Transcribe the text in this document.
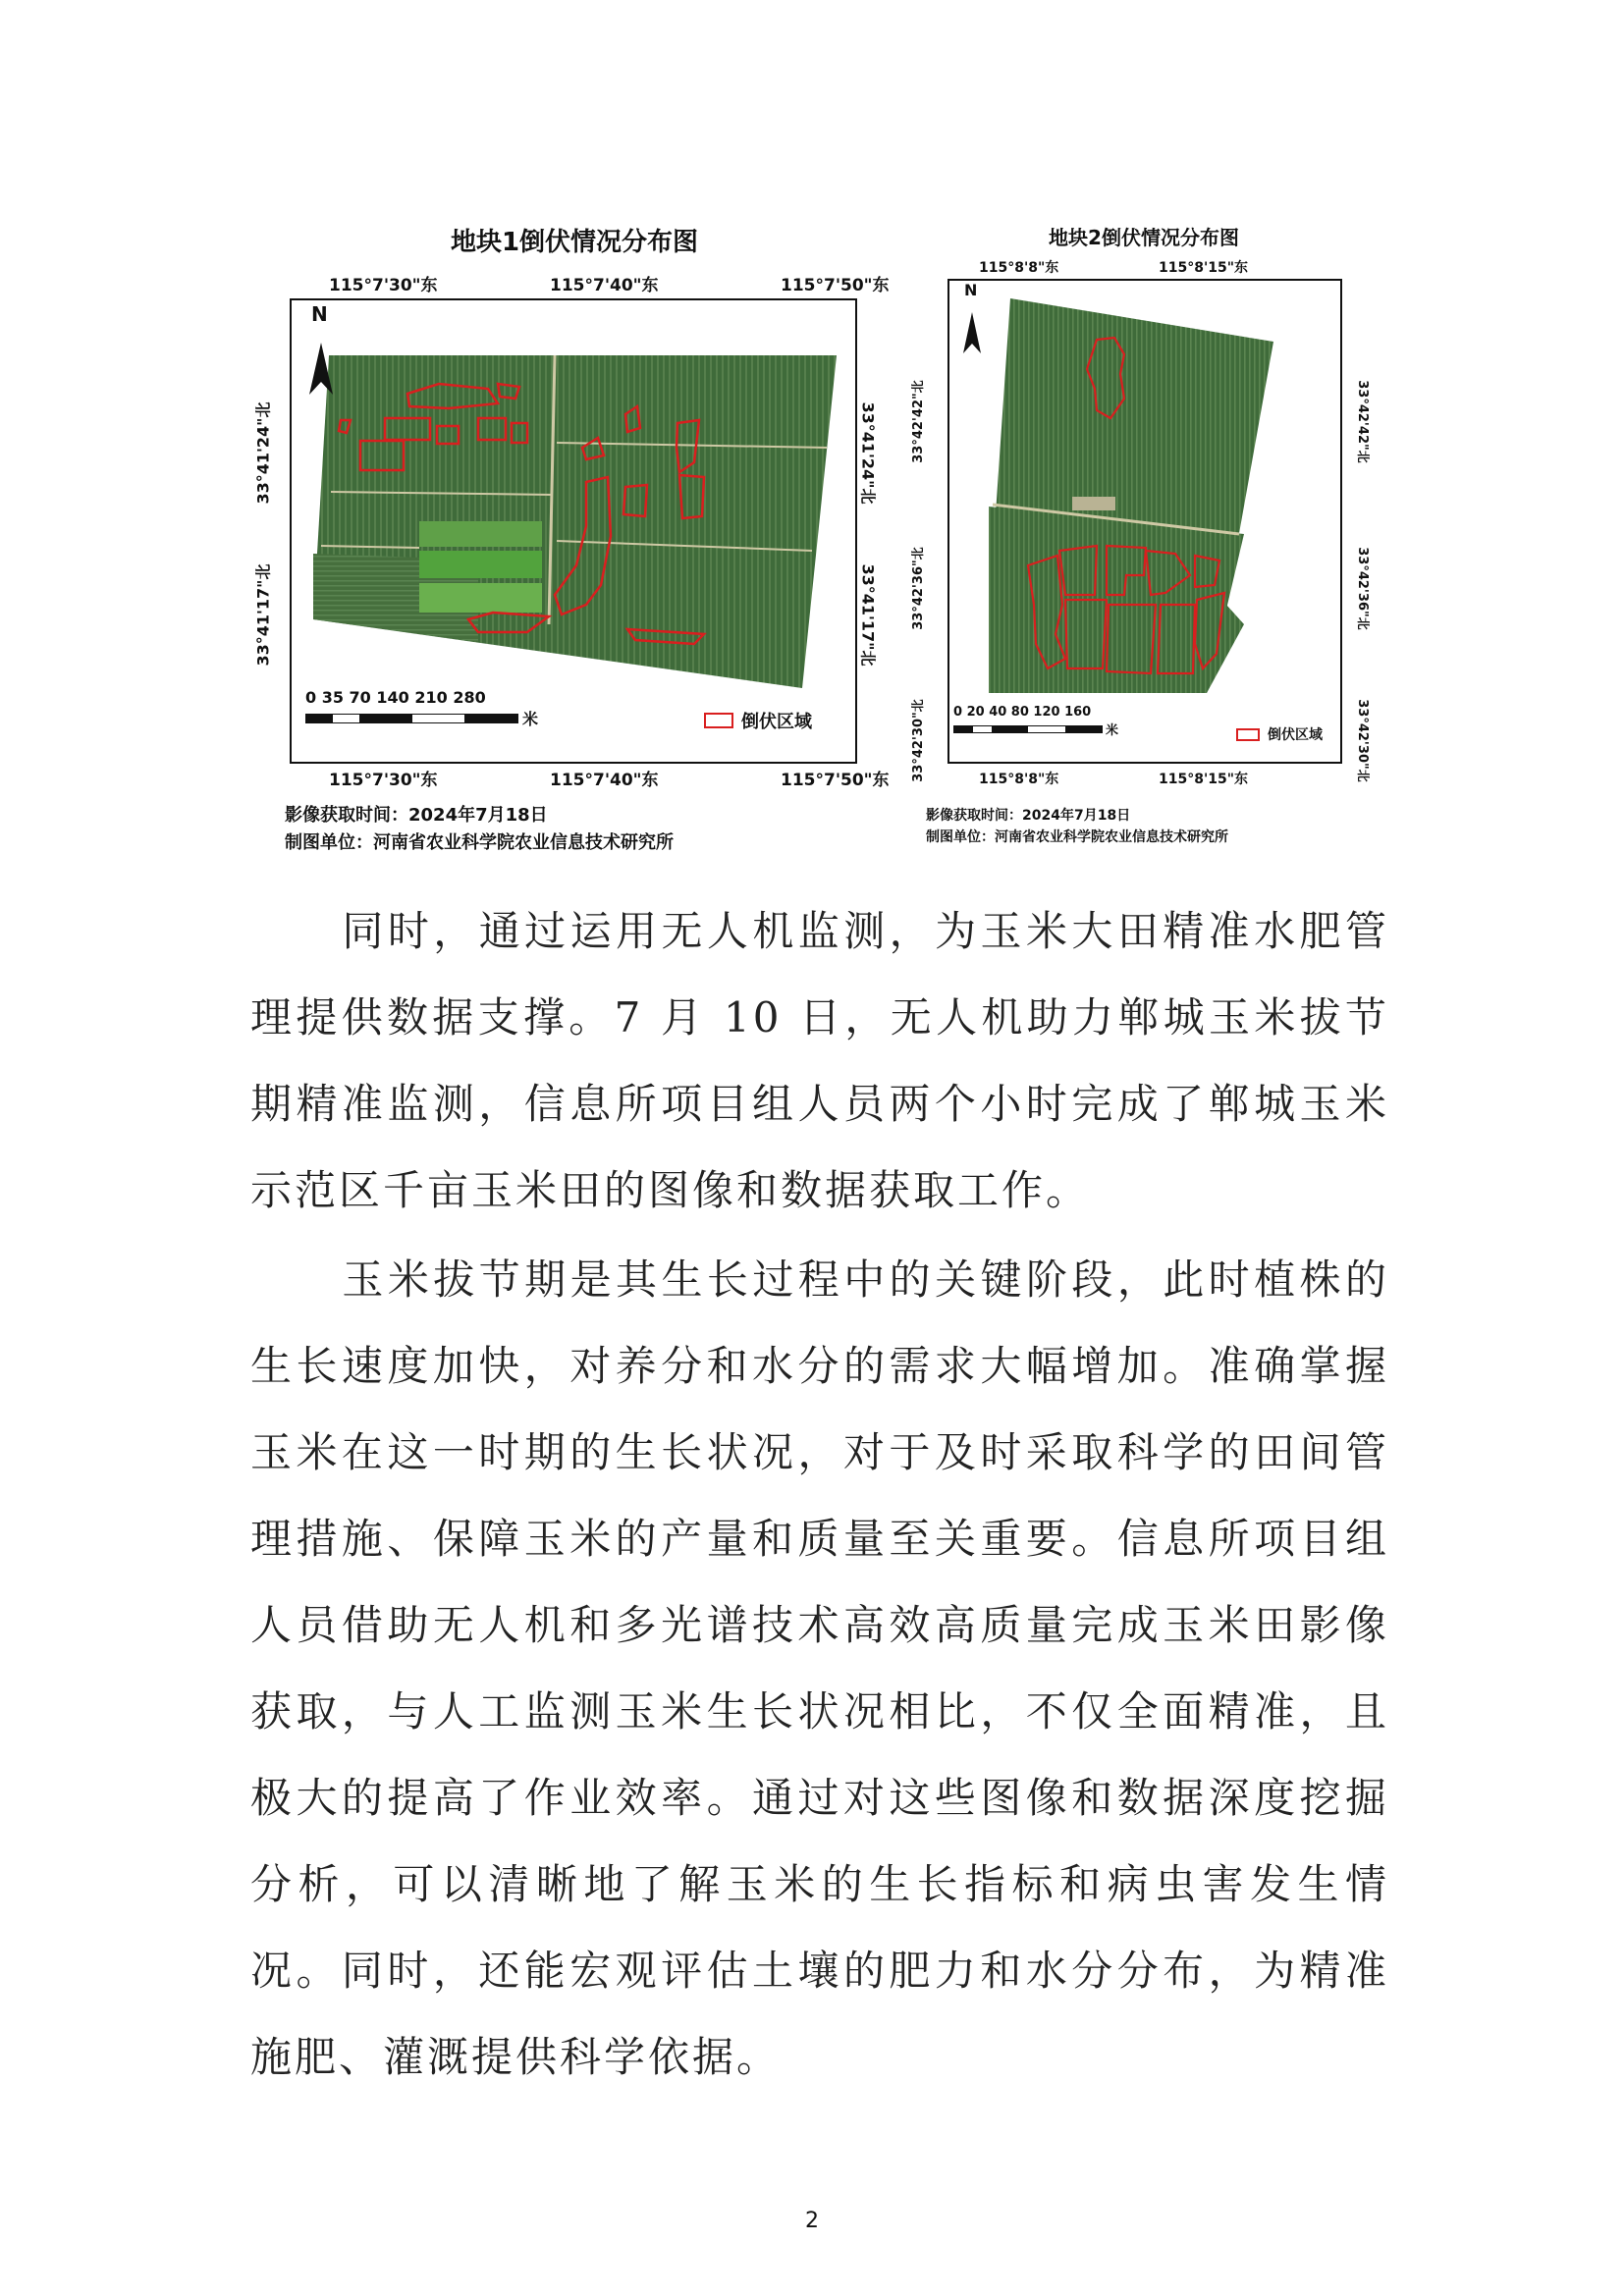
地块1倒伏情况分布图
115°7'30"东	115°7'40"东	115°7'50"东
33°41'24"北
33°41'17"北
33°41'24"北
33°41'17"北
N
0 35 70 140 210 280
米	倒伏区域
115°7'30"东	115°7'40"东	115°7'50"东
影像获取时间：2024年7月18日
制图单位：河南省农业科学院农业信息技术研究所
地块2倒伏情况分布图
115°8'8"东	115°8'15"东
33°42'42"北
33°42'36"北
33°42'30"北
33°42'42"北
33°42'36"北
33°42'30"北
N
0 20 40 80 120 160
米	倒伏区域
115°8'8"东	115°8'15"东
影像获取时间：2024年7月18日
制图单位：河南省农业科学院农业信息技术研究所
同时，通过运用无人机监测，为玉米大田精准水肥管理提供数据支撑。7 月 10 日，无人机助力郸城玉米拔节期精准监测，信息所项目组人员两个小时完成了郸城玉米示范区千亩玉米田的图像和数据获取工作。
玉米拔节期是其生长过程中的关键阶段，此时植株的生长速度加快，对养分和水分的需求大幅增加。准确掌握玉米在这一时期的生长状况，对于及时采取科学的田间管理措施、保障玉米的产量和质量至关重要。信息所项目组人员借助无人机和多光谱技术高效高质量完成玉米田影像获取，与人工监测玉米生长状况相比，不仅全面精准，且极大的提高了作业效率。通过对这些图像和数据深度挖掘分析，可以清晰地了解玉米的生长指标和病虫害发生情况。同时，还能宏观评估土壤的肥力和水分分布，为精准施肥、灌溉提供科学依据。
2
